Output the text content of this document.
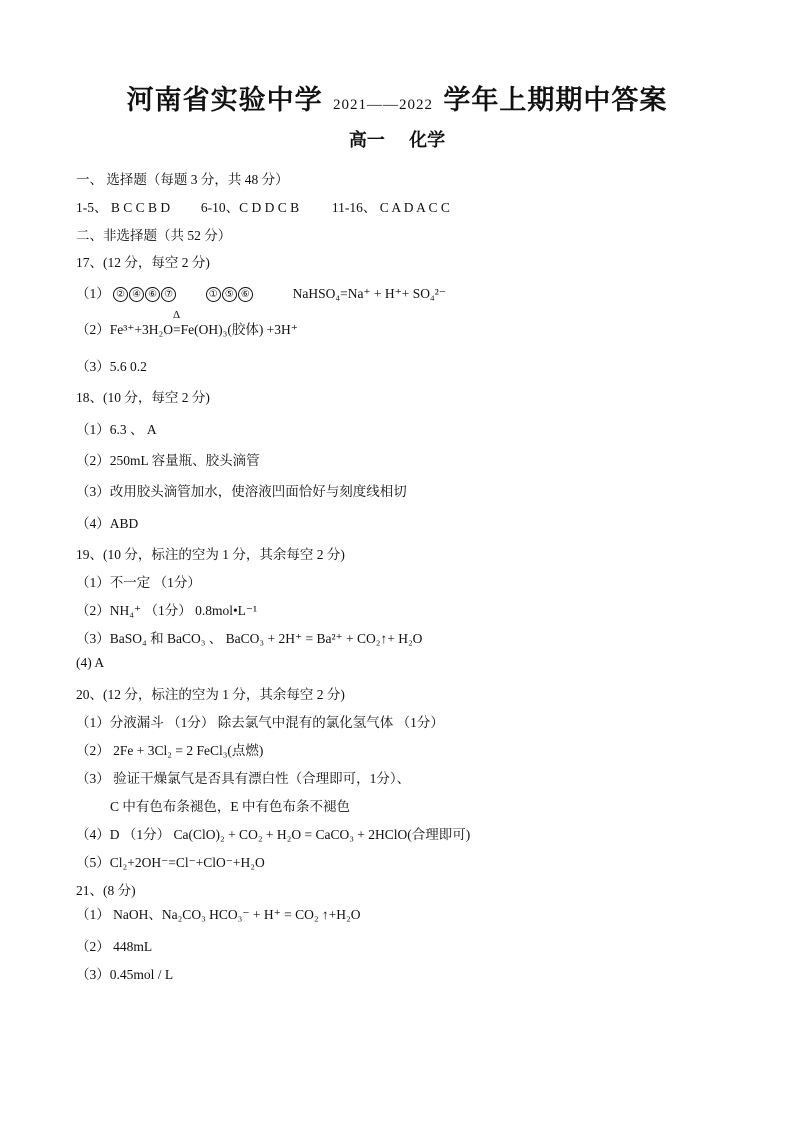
河南省实验中学 2021——2022 学年上期期中答案
高一 化学
一、 选择题（每题 3 分，共 48 分）
1-5、 B C C B D 6-10、C D D C B 11-16、 C A D A C C
二、非选择题（共 52 分）
17、(12 分，每空 2 分)
（1） ② ④ ⑥ ⑦	① ⑤ ⑥	NaHSO₄=Na⁺ + H⁺+ SO₄²⁻
（2）Fe³⁺+3H₂O
Δ
=Fe(OH)₃(胶体) +3H⁺
（3）5.6 0.2
18、(10 分，每空 2 分)
（1）6.3 、 A
（2）250mL 容量瓶、胶头滴管
（3）改用胶头滴管加水，使溶液凹面恰好与刻度线相切
（4）ABD
19、(10 分，标注的空为 1 分，其余每空 2 分)
（1）不一定 （1分）
（2）NH₄⁺ （1分） 0.8mol•L⁻¹
（3）BaSO₄ 和 BaCO₃ 、 BaCO₃ + 2H⁺ = Ba²⁺ + CO₂↑+ H₂O
(4) A
20、(12 分，标注的空为 1 分，其余每空 2 分)
（1）分液漏斗 （1分） 除去氯气中混有的氯化氢气体 （1分）
（2） 2Fe + 3Cl₂ = 2 FeCl₃(点燃)
（3） 验证干燥氯气是否具有漂白性（合理即可，1分）、
C 中有色布条褪色，E 中有色布条不褪色
（4）D （1分） Ca(ClO)₂ + CO₂ + H₂O = CaCO₃ + 2HClO(合理即可)
（5）Cl₂+2OH⁻=Cl⁻+ClO⁻+H₂O
21、(8 分)
（1） NaOH、Na₂CO₃ HCO₃⁻ + H⁺ = CO₂ ↑+H₂O
（2） 448mL
（3）0.45mol / L
